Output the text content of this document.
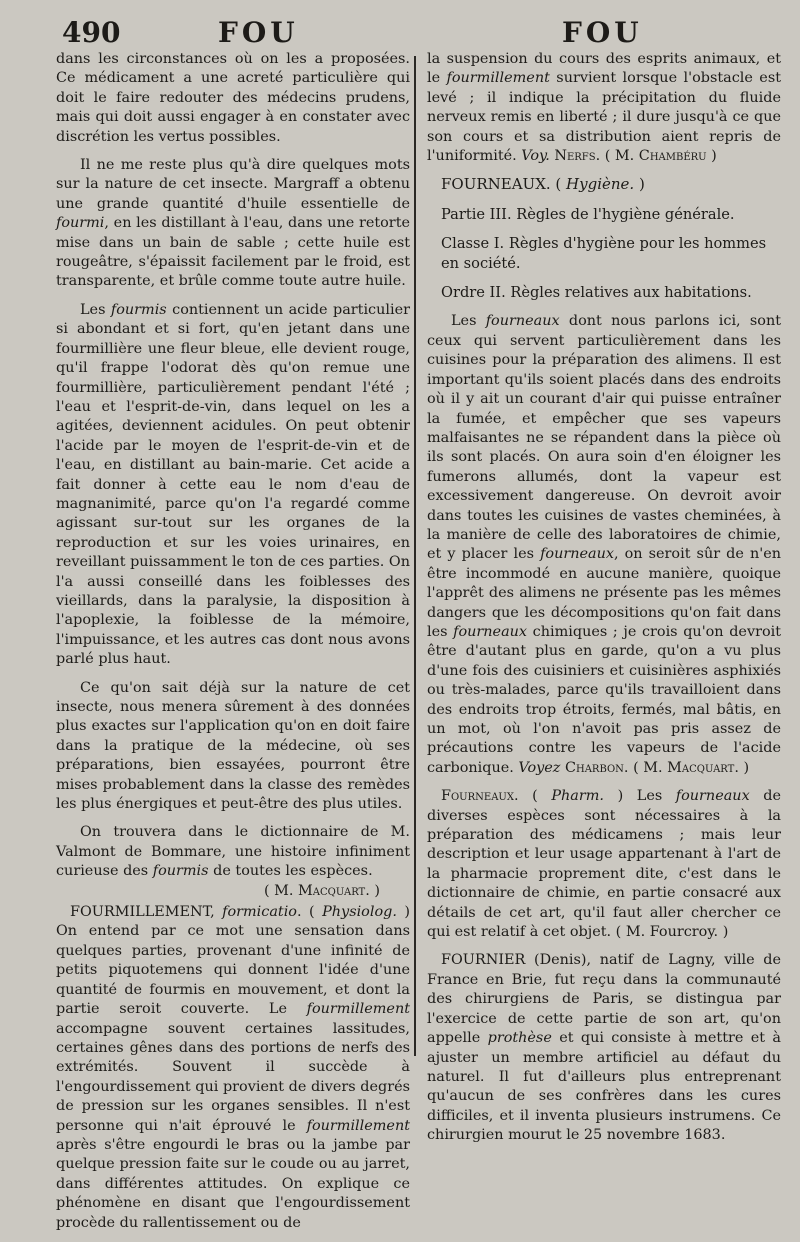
490	FOU	FOU

dans les circonstances où on les a proposées. Ce médicament a une acreté particulière qui doit le faire redouter des médecins prudens, mais qui doit aussi engager à en constater avec discrétion les vertus possibles.

Il ne me reste plus qu'à dire quelques mots sur la nature de cet insecte. Margraff a obtenu une grande quantité d'huile essentielle de fourmi, en les distillant à l'eau, dans une retorte mise dans un bain de sable ; cette huile est rougeâtre, s'épaissit facilement par le froid, est transparente, et brûle comme toute autre huile.

Les fourmis contiennent un acide particulier si abondant et si fort, qu'en jetant dans une fourmillière une fleur bleue, elle devient rouge, qu'il frappe l'odorat dès qu'on remue une fourmillière, particulièrement pendant l'été ; l'eau et l'esprit-de-vin, dans lequel on les a agitées, deviennent acidules. On peut obtenir l'acide par le moyen de l'esprit-de-vin et de l'eau, en distillant au bain-marie. Cet acide a fait donner à cette eau le nom d'eau de magnanimité, parce qu'on l'a regardé comme agissant sur-tout sur les organes de la reproduction et sur les voies urinaires, en reveillant puissamment le ton de ces parties. On l'a aussi conseillé dans les foiblesses des vieillards, dans la paralysie, la disposition à l'apoplexie, la foiblesse de la mémoire, l'impuissance, et les autres cas dont nous avons parlé plus haut.

Ce qu'on sait déjà sur la nature de cet insecte, nous menera sûrement à des données plus exactes sur l'application qu'on en doit faire dans la pratique de la médecine, où ses préparations, bien essayées, pourront être mises probablement dans la classe des remèdes les plus énergiques et peut-être des plus utiles.

On trouvera dans le dictionnaire de M. Valmont de Bommare, une histoire infiniment curieuse des fourmis de toutes les espèces.

( M. Macquart. )

FOURMILLEMENT, formicatio. ( Physiolog. ) On entend par ce mot une sensation dans quelques parties, provenant d'une infinité de petits piquotemens qui donnent l'idée d'une quantité de fourmis en mouvement, et dont la partie seroit couverte. Le fourmillement accompagne souvent certaines lassitudes, certaines gênes dans des portions de nerfs des extrémités. Souvent il succède à l'engourdissement qui provient de divers degrés de pression sur les organes sensibles. Il n'est personne qui n'ait éprouvé le fourmillement après s'être engourdi le bras ou la jambe par quelque pression faite sur le coude ou au jarret, dans différentes attitudes. On explique ce phénomène en disant que l'engourdissement procède du rallentissement ou de

la suspension du cours des esprits animaux, et le fourmillement survient lorsque l'obstacle est levé ; il indique la précipitation du fluide nerveux remis en liberté ; il dure jusqu'à ce que son cours et sa distribution aient repris de l'uniformité. Voy. Nerfs. ( M. Chambéru )

FOURNEAUX. ( Hygiène. )

Partie III. Règles de l'hygiène générale.

Classe I. Règles d'hygiène pour les hommes en société.

Ordre II. Règles relatives aux habitations.

Les fourneaux dont nous parlons ici, sont ceux qui servent particulièrement dans les cuisines pour la préparation des alimens. Il est important qu'ils soient placés dans des endroits où il y ait un courant d'air qui puisse entraîner la fumée, et empêcher que ses vapeurs malfaisantes ne se répandent dans la pièce où ils sont placés. On aura soin d'en éloigner les fumerons allumés, dont la vapeur est excessivement dangereuse. On devroit avoir dans toutes les cuisines de vastes cheminées, à la manière de celle des laboratoires de chimie, et y placer les fourneaux, on seroit sûr de n'en être incommodé en aucune manière, quoique l'apprêt des alimens ne présente pas les mêmes dangers que les décompositions qu'on fait dans les fourneaux chimiques ; je crois qu'on devroit être d'autant plus en garde, qu'on a vu plus d'une fois des cuisiniers et cuisinières asphixiés ou très-malades, parce qu'ils travailloient dans des endroits trop étroits, fermés, mal bâtis, en un mot, où l'on n'avoit pas pris assez de précautions contre les vapeurs de l'acide carbonique. Voyez Charbon. ( M. Macquart. )

Fourneaux. ( Pharm. ) Les fourneaux de diverses espèces sont nécessaires à la préparation des médicamens ; mais leur description et leur usage appartenant à l'art de la pharmacie proprement dite, c'est dans le dictionnaire de chimie, en partie consacré aux détails de cet art, qu'il faut aller chercher ce qui est relatif à cet objet. ( M. Fourcroy. )

FOURNIER (Denis), natif de Lagny, ville de France en Brie, fut reçu dans la communauté des chirurgiens de Paris, se distingua par l'exercice de cette partie de son art, qu'on appelle prothèse et qui consiste à mettre et à ajuster un membre artificiel au défaut du naturel. Il fut d'ailleurs plus entreprenant qu'aucun de ses confrères dans les cures difficiles, et il inventa plusieurs instrumens. Ce chirurgien mourut le 25 novembre 1683.
